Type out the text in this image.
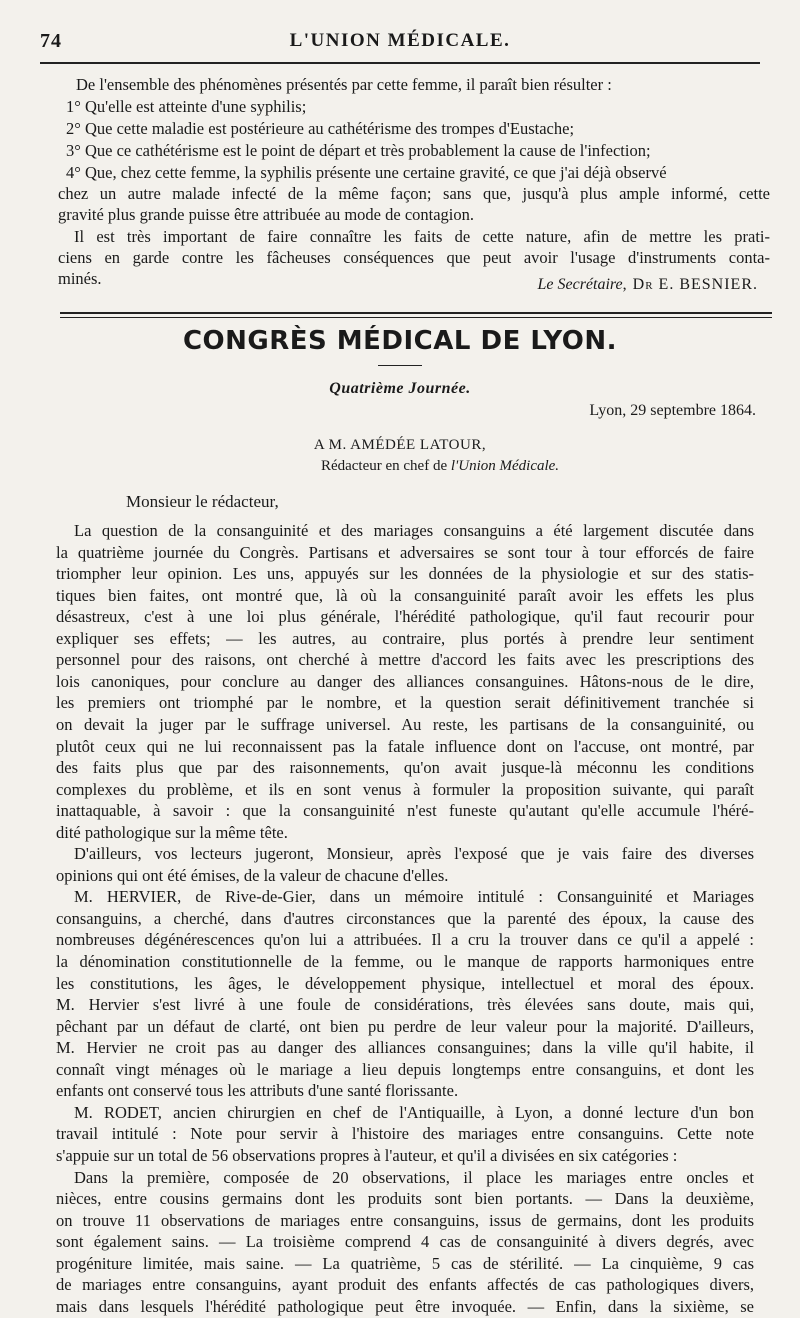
74	L'UNION MÉDICALE.
De l'ensemble des phénomènes présentés par cette femme, il paraît bien résulter :
1° Qu'elle est atteinte d'une syphilis;
2° Que cette maladie est postérieure au cathétérisme des trompes d'Eustache;
3° Que ce cathétérisme est le point de départ et très probablement la cause de l'infection;
4° Que, chez cette femme, la syphilis présente une certaine gravité, ce que j'ai déjà observé
chez un autre malade infecté de la même façon; sans que, jusqu'à plus ample informé, cette
gravité plus grande puisse être attribuée au mode de contagion.
Il est très important de faire connaître les faits de cette nature, afin de mettre les prati-
ciens en garde contre les fâcheuses conséquences que peut avoir l'usage d'instruments conta-
minés.	Le Secrétaire, Dr E. BESNIER.
CONGRÈS MÉDICAL DE LYON.
Quatrième Journée.
Lyon, 29 septembre 1864.
A M. AMÉDÉE LATOUR,
Rédacteur en chef de l'Union Médicale.
Monsieur le rédacteur,
La question de la consanguinité et des mariages consanguins a été largement discutée dans
la quatrième journée du Congrès. Partisans et adversaires se sont tour à tour efforcés de faire
triompher leur opinion. Les uns, appuyés sur les données de la physiologie et sur des statis-
tiques bien faites, ont montré que, là où la consanguinité paraît avoir les effets les plus
désastreux, c'est à une loi plus générale, l'hérédité pathologique, qu'il faut recourir pour
expliquer ses effets; — les autres, au contraire, plus portés à prendre leur sentiment
personnel pour des raisons, ont cherché à mettre d'accord les faits avec les prescriptions des
lois canoniques, pour conclure au danger des alliances consanguines. Hâtons-nous de le dire,
les premiers ont triomphé par le nombre, et la question serait définitivement tranchée si
on devait la juger par le suffrage universel. Au reste, les partisans de la consanguinité, ou
plutôt ceux qui ne lui reconnaissent pas la fatale influence dont on l'accuse, ont montré, par
des faits plus que par des raisonnements, qu'on avait jusque-là méconnu les conditions
complexes du problème, et ils en sont venus à formuler la proposition suivante, qui paraît
inattaquable, à savoir : que la consanguinité n'est funeste qu'autant qu'elle accumule l'héré-
dité pathologique sur la même tête.
D'ailleurs, vos lecteurs jugeront, Monsieur, après l'exposé que je vais faire des diverses
opinions qui ont été émises, de la valeur de chacune d'elles.
M. HERVIER, de Rive-de-Gier, dans un mémoire intitulé : Consanguinité et Mariages
consanguins, a cherché, dans d'autres circonstances que la parenté des époux, la cause des
nombreuses dégénérescences qu'on lui a attribuées. Il a cru la trouver dans ce qu'il a appelé :
la dénomination constitutionnelle de la femme, ou le manque de rapports harmoniques entre
les constitutions, les âges, le développement physique, intellectuel et moral des époux.
M. Hervier s'est livré à une foule de considérations, très élevées sans doute, mais qui,
pêchant par un défaut de clarté, ont bien pu perdre de leur valeur pour la majorité. D'ailleurs,
M. Hervier ne croit pas au danger des alliances consanguines; dans la ville qu'il habite, il
connaît vingt ménages où le mariage a lieu depuis longtemps entre consanguins, et dont les
enfants ont conservé tous les attributs d'une santé florissante.
M. RODET, ancien chirurgien en chef de l'Antiquaille, à Lyon, a donné lecture d'un bon
travail intitulé : Note pour servir à l'histoire des mariages entre consanguins. Cette note
s'appuie sur un total de 56 observations propres à l'auteur, et qu'il a divisées en six catégories :
Dans la première, composée de 20 observations, il place les mariages entre oncles et
nièces, entre cousins germains dont les produits sont bien portants. — Dans la deuxième,
on trouve 11 observations de mariages entre consanguins, issus de germains, dont les produits
sont également sains. — La troisième comprend 4 cas de consanguinité à divers degrés, avec
progéniture limitée, mais saine. — La quatrième, 5 cas de stérilité. — La cinquième, 9 cas
de mariages entre consanguins, ayant produit des enfants affectés de cas pathologiques divers,
mais dans lesquels l'hérédité pathologique peut être invoquée. — Enfin, dans la sixième, se
